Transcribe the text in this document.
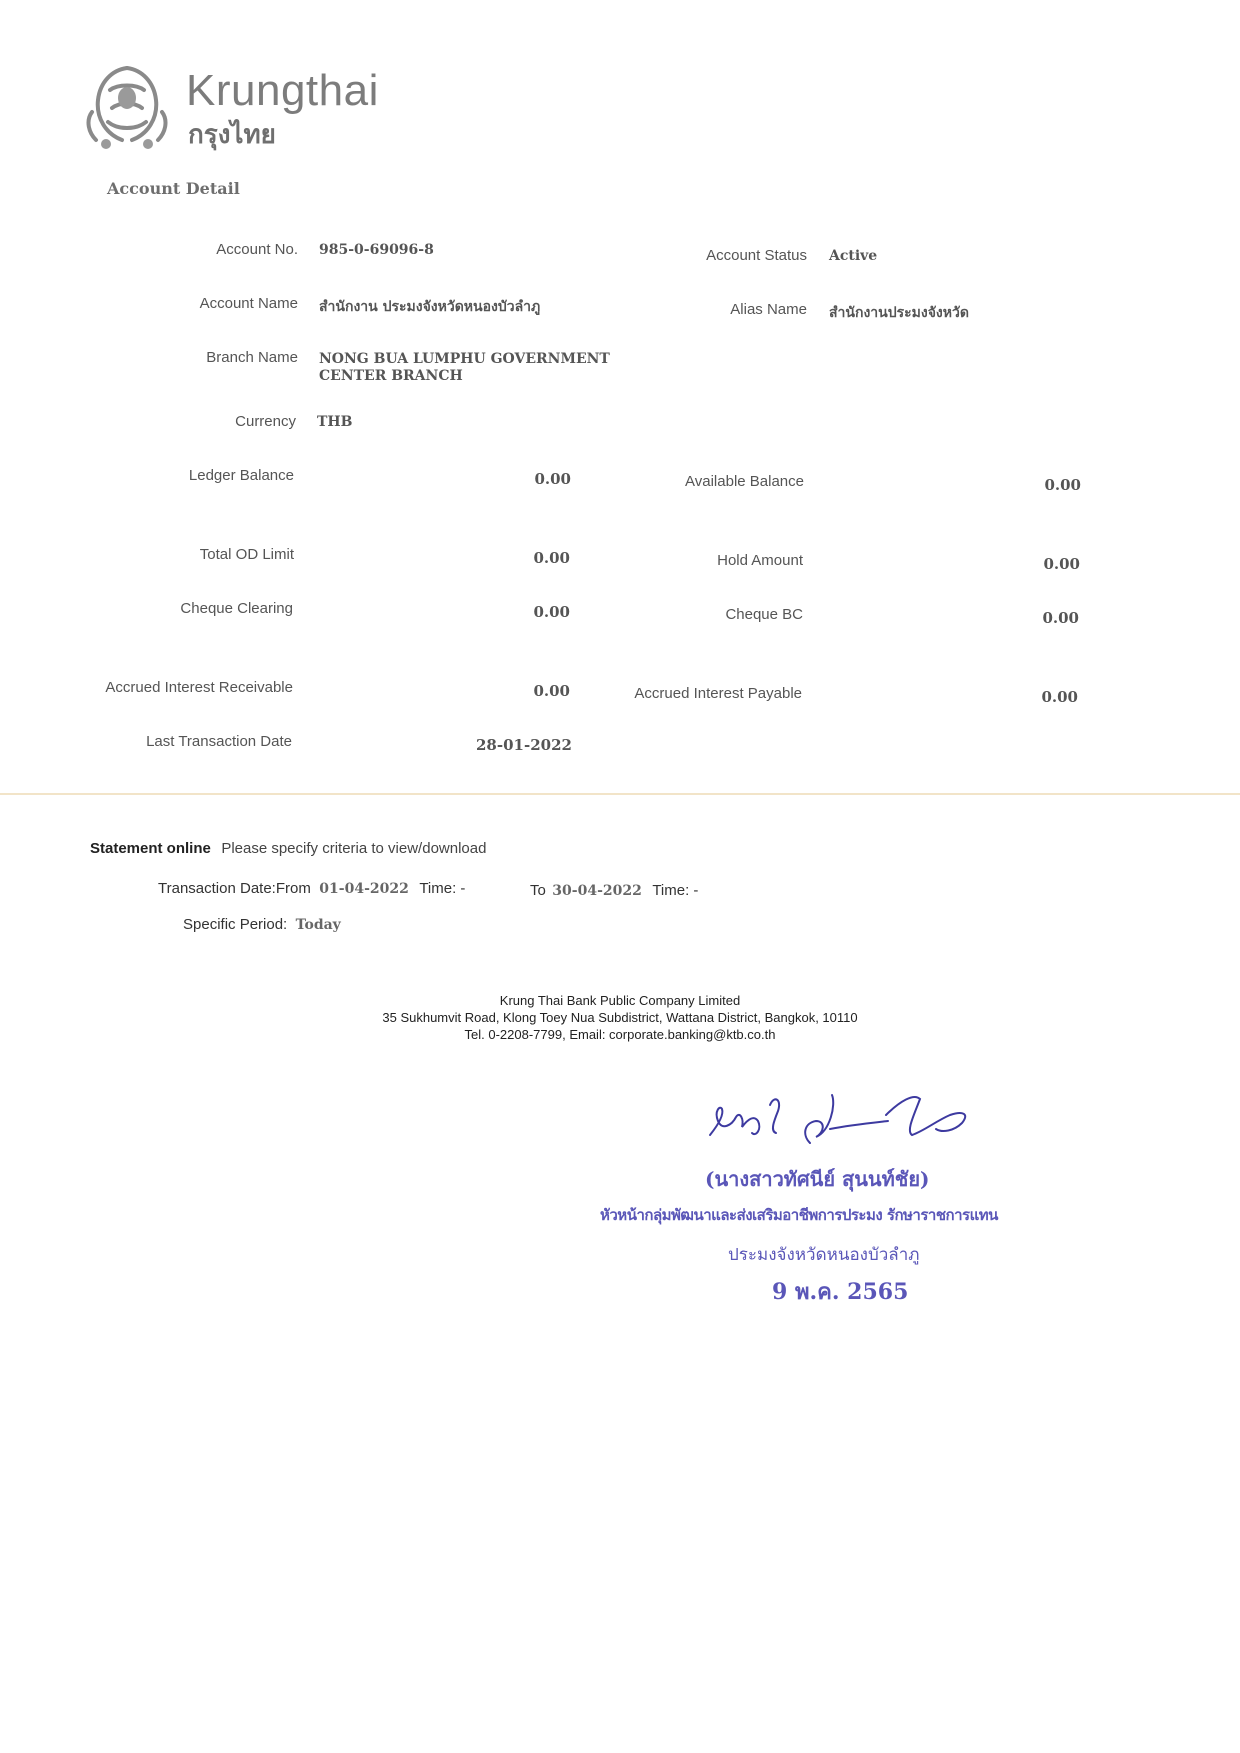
Krungthai
กรุงไทย
Account Detail
Account No. 985-0-69096-8	Account Status Active
Account Name สำนักงาน ประมงจังหวัดหนองบัวลำภู	Alias Name สำนักงานประมงจังหวัด
Branch Name NONG BUA LUMPHU GOVERNMENT CENTER BRANCH
Currency THB
Ledger Balance	0.00	Available Balance	0.00
Total OD Limit	0.00	Hold Amount	0.00
Cheque Clearing	0.00	Cheque BC	0.00
Accrued Interest Receivable	0.00	Accrued Interest Payable	0.00
Last Transaction Date	28-01-2022
Statement online Please specify criteria to view/download
Transaction Date:From 01-04-2022 Time: -	To 30-04-2022 Time: -
Specific Period: Today
Krung Thai Bank Public Company Limited
35 Sukhumvit Road, Klong Toey Nua Subdistrict, Wattana District, Bangkok, 10110
Tel. 0-2208-7799, Email: corporate.banking@ktb.co.th
(นางสาวทัศนีย์ สุนนท์ชัย)
หัวหน้ากลุ่มพัฒนาและส่งเสริมอาชีพการประมง รักษาราชการแทน
ประมงจังหวัดหนองบัวลำภู
9 พ.ค. 2565
